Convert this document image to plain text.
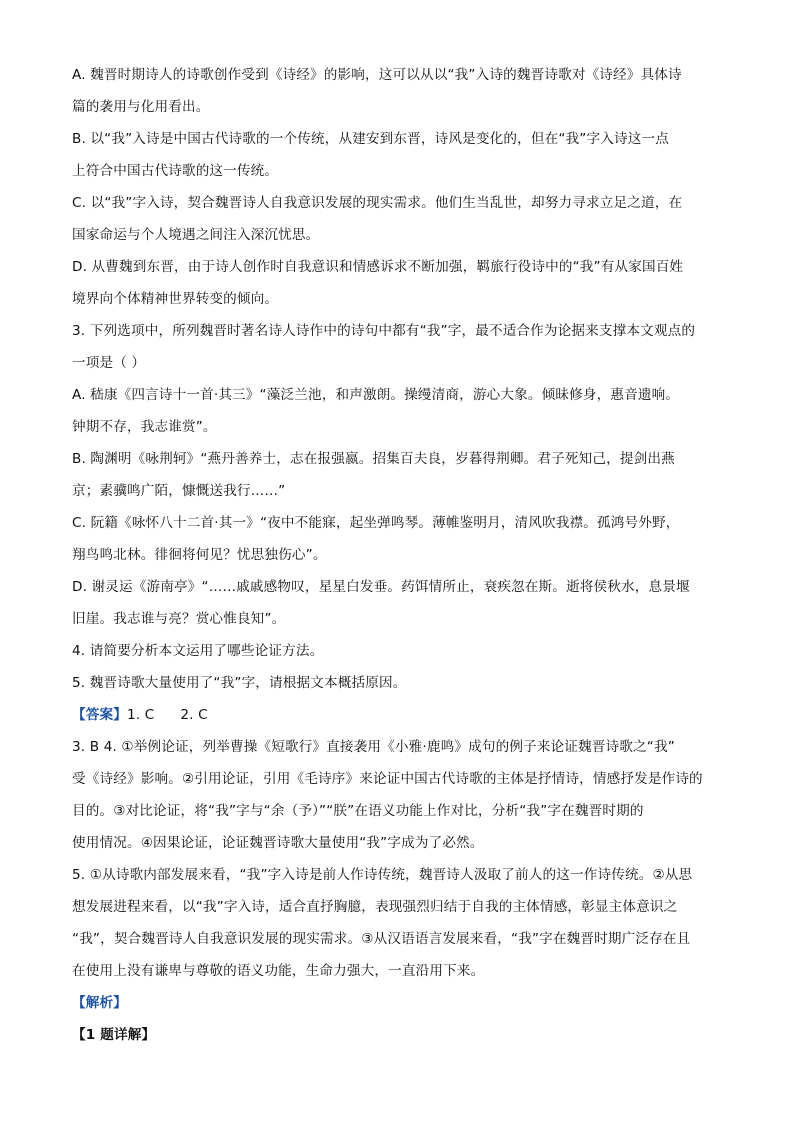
A. 魏晋时期诗人的诗歌创作受到《诗经》的影响，这可以从以“我”入诗的魏晋诗歌对《诗经》具体诗
篇的袭用与化用看出。
B. 以“我”入诗是中国古代诗歌的一个传统，从建安到东晋，诗风是变化的，但在“我”字入诗这一点
上符合中国古代诗歌的这一传统。
C. 以“我”字入诗，契合魏晋诗人自我意识发展的现实需求。他们生当乱世，却努力寻求立足之道，在
国家命运与个人境遇之间注入深沉忧思。
D. 从曹魏到东晋，由于诗人创作时自我意识和情感诉求不断加强，羁旅行役诗中的“我”有从家国百姓
境界向个体精神世界转变的倾向。
3. 下列选项中，所列魏晋时著名诗人诗作中的诗句中都有“我”字，最不适合作为论据来支撑本文观点的
一项是（ ）
A. 嵇康《四言诗十一首·其三》“藻泛兰池，和声激朗。操缦清商，游心大象。倾昧修身，惠音遗响。
钟期不存，我志谁赏”。
B. 陶渊明《咏荆轲》“燕丹善养士，志在报强嬴。招集百夫良，岁暮得荆卿。君子死知己，提剑出燕
京；素骥鸣广陌，慷慨送我行……”
C. 阮籍《咏怀八十二首·其一》“夜中不能寐，起坐弹鸣琴。薄帷鉴明月，清风吹我襟。孤鸿号外野，
翔鸟鸣北林。徘徊将何见？忧思独伤心”。
D. 谢灵运《游南亭》“……戚戚感物叹，星星白发垂。药饵情所止，衰疾忽在斯。逝将侯秋水，息景堰
旧崖。我志谁与亮？赏心惟良知”。
4. 请简要分析本文运用了哪些论证方法。
5. 魏晋诗歌大量使用了“我”字，请根据文本概括原因。
【答案】1. C 2. C
3. B 4. ①举例论证，列举曹操《短歌行》直接袭用《小雅·鹿鸣》成句的例子来论证魏晋诗歌之“我”
受《诗经》影响。②引用论证，引用《毛诗序》来论证中国古代诗歌的主体是抒情诗，情感抒发是作诗的
目的。③对比论证，将“我”字与“余（予）”“朕”在语义功能上作对比，分析“我”字在魏晋时期的
使用情况。④因果论证，论证魏晋诗歌大量使用“我”字成为了必然。
5. ①从诗歌内部发展来看，“我”字入诗是前人作诗传统，魏晋诗人汲取了前人的这一作诗传统。②从思
想发展进程来看，以“我”字入诗，适合直抒胸臆，表现强烈归结于自我的主体情感，彰显主体意识之
“我”，契合魏晋诗人自我意识发展的现实需求。③从汉语语言发展来看，“我”字在魏晋时期广泛存在且
在使用上没有谦卑与尊敬的语义功能，生命力强大，一直沿用下来。
【解析】
【1 题详解】
